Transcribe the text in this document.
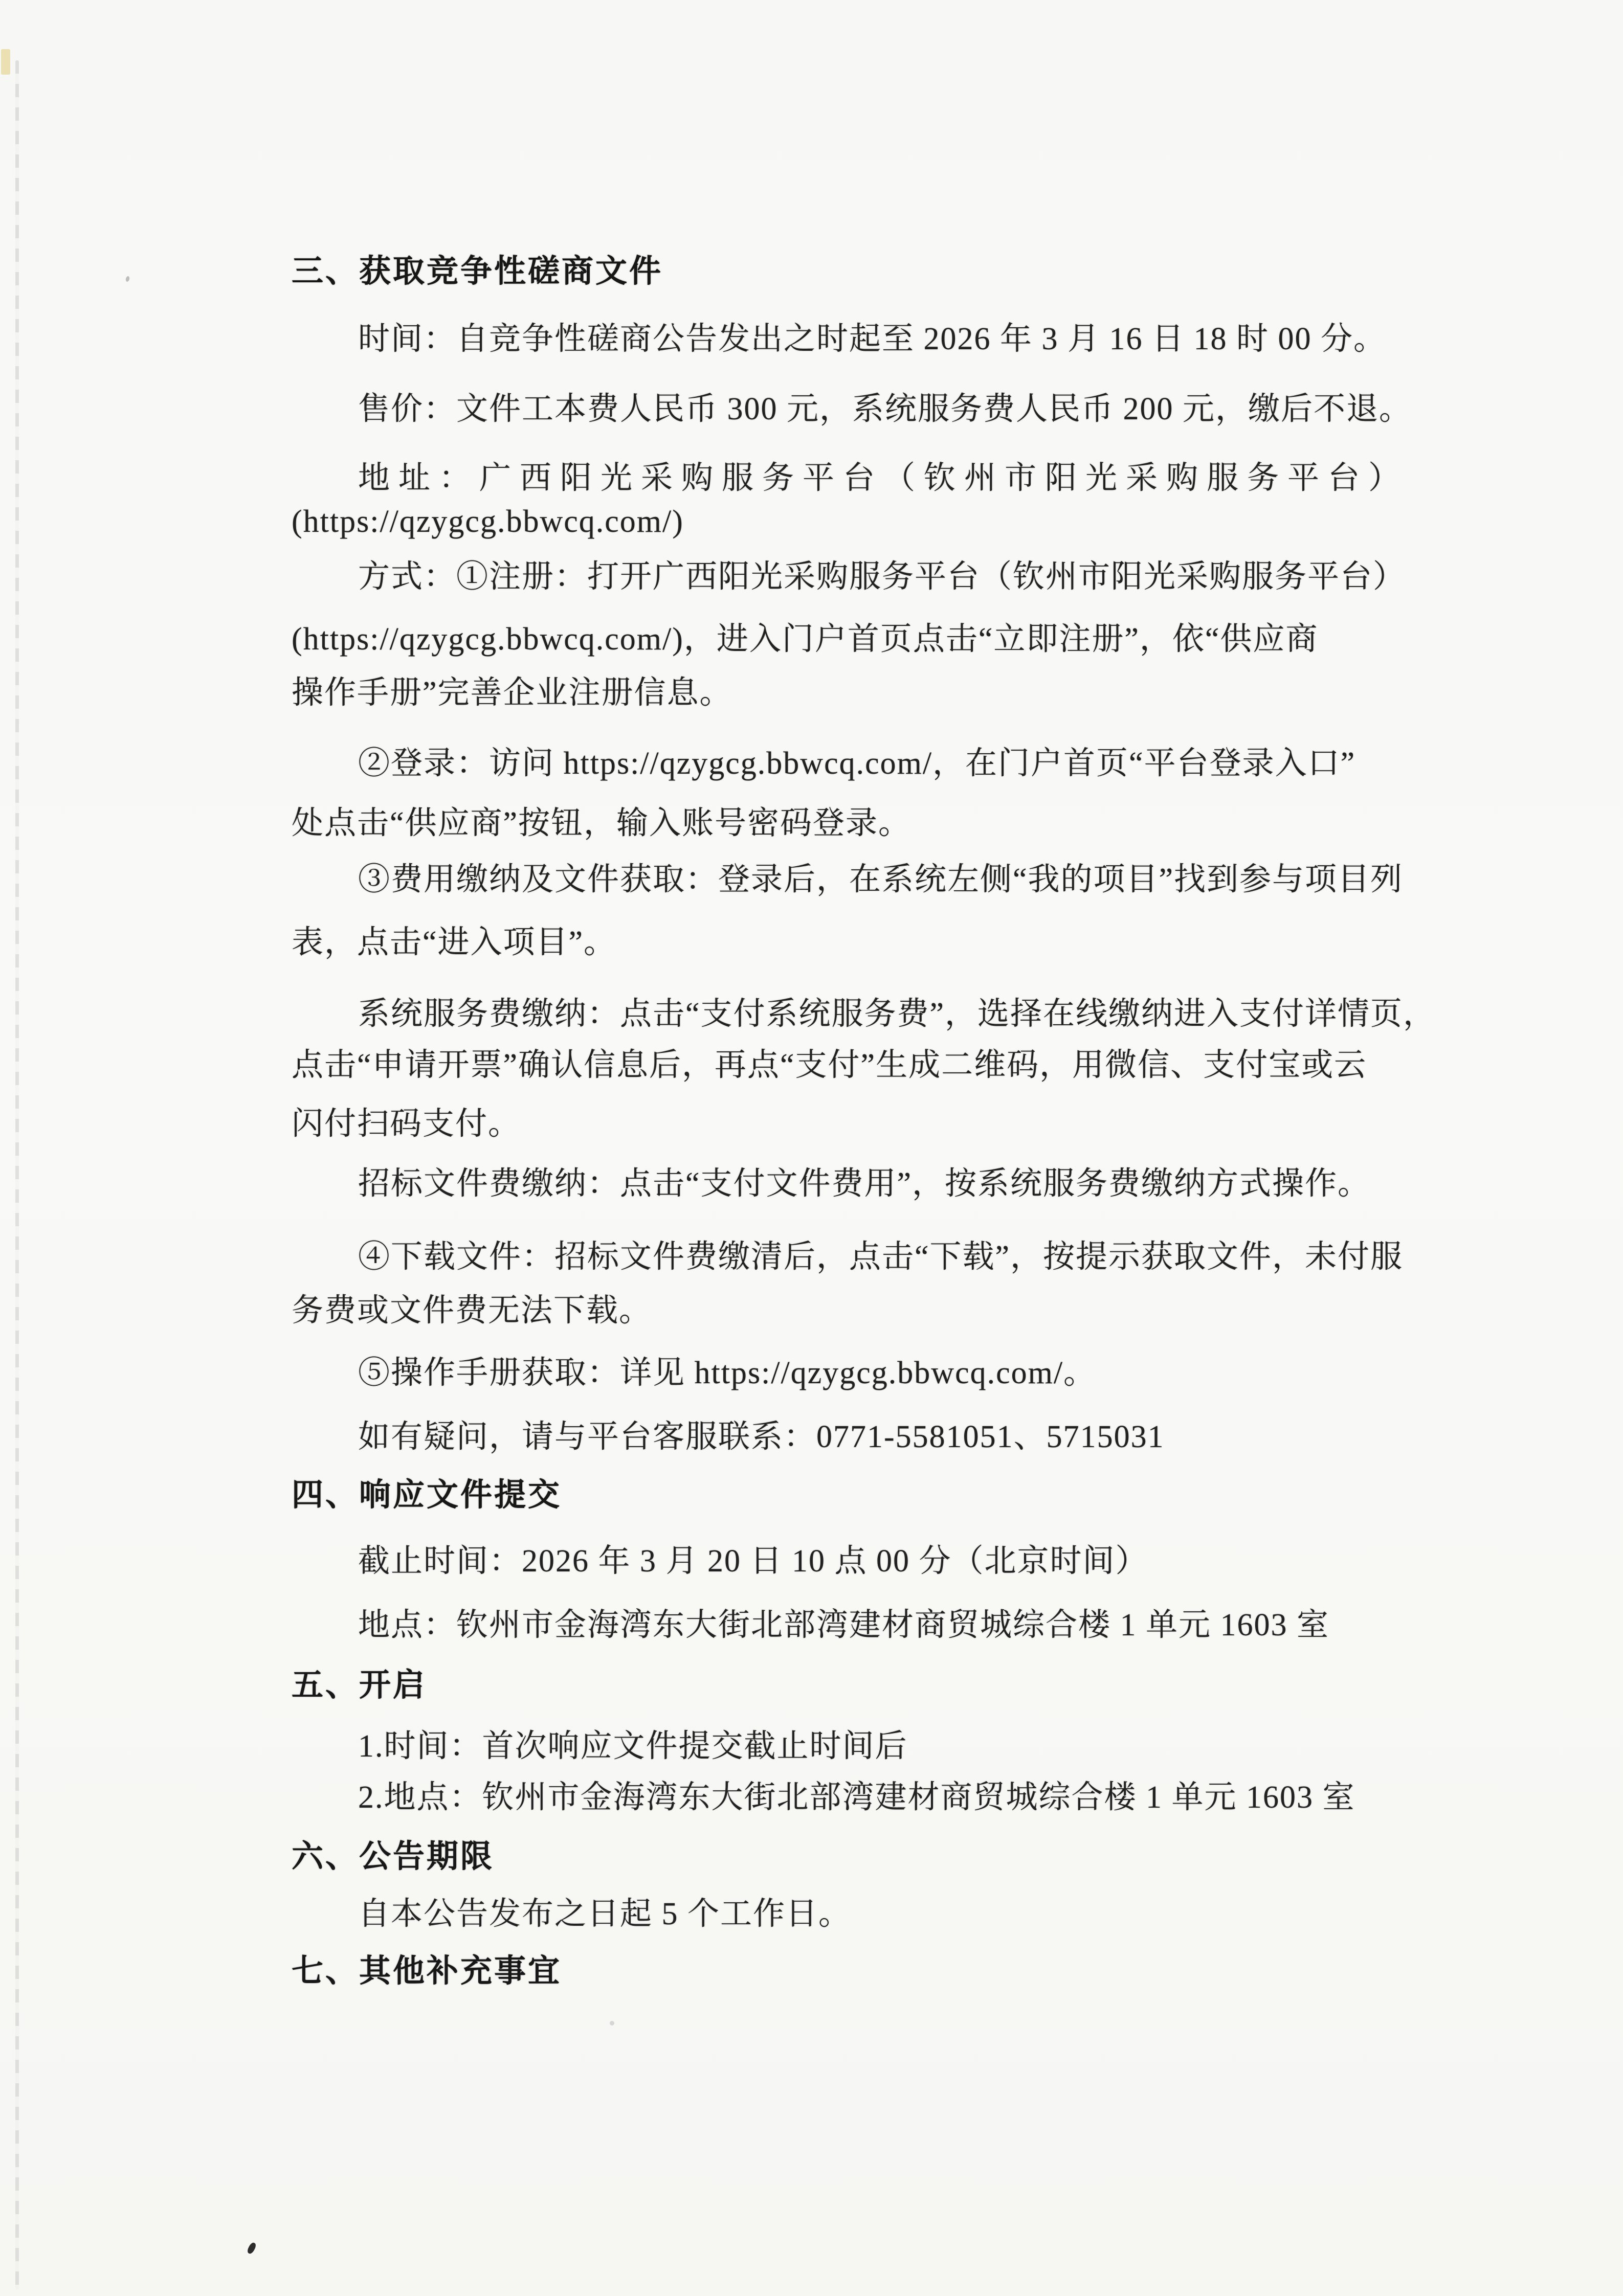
三、获取竞争性磋商文件
时间：自竞争性磋商公告发出之时起至 2026 年 3 月 16 日 18 时 00 分。
售价：文件工本费人民币 300 元，系统服务费人民币 200 元，缴后不退。
地址：广西阳光采购服务平台（钦州市阳光采购服务平台）
(https://qzygcg.bbwcq.com/)
方式：①注册：打开广西阳光采购服务平台（钦州市阳光采购服务平台）
(https://qzygcg.bbwcq.com/)，进入门户首页点击“立即注册”，依“供应商
操作手册”完善企业注册信息。
②登录：访问 https://qzygcg.bbwcq.com/，在门户首页“平台登录入口”
处点击“供应商”按钮，输入账号密码登录。
③费用缴纳及文件获取：登录后，在系统左侧“我的项目”找到参与项目列
表，点击“进入项目”。
系统服务费缴纳：点击“支付系统服务费”，选择在线缴纳进入支付详情页，
点击“申请开票”确认信息后，再点“支付”生成二维码，用微信、支付宝或云
闪付扫码支付。
招标文件费缴纳：点击“支付文件费用”，按系统服务费缴纳方式操作。
④下载文件：招标文件费缴清后，点击“下载”，按提示获取文件，未付服
务费或文件费无法下载。
⑤操作手册获取：详见 https://qzygcg.bbwcq.com/。
如有疑问，请与平台客服联系：0771-5581051、5715031
四、响应文件提交
截止时间：2026 年 3 月 20 日 10 点 00 分（北京时间）
地点：钦州市金海湾东大街北部湾建材商贸城综合楼 1 单元 1603 室
五、开启
1.时间：首次响应文件提交截止时间后
2.地点：钦州市金海湾东大街北部湾建材商贸城综合楼 1 单元 1603 室
六、公告期限
自本公告发布之日起 5 个工作日。
七、其他补充事宜
